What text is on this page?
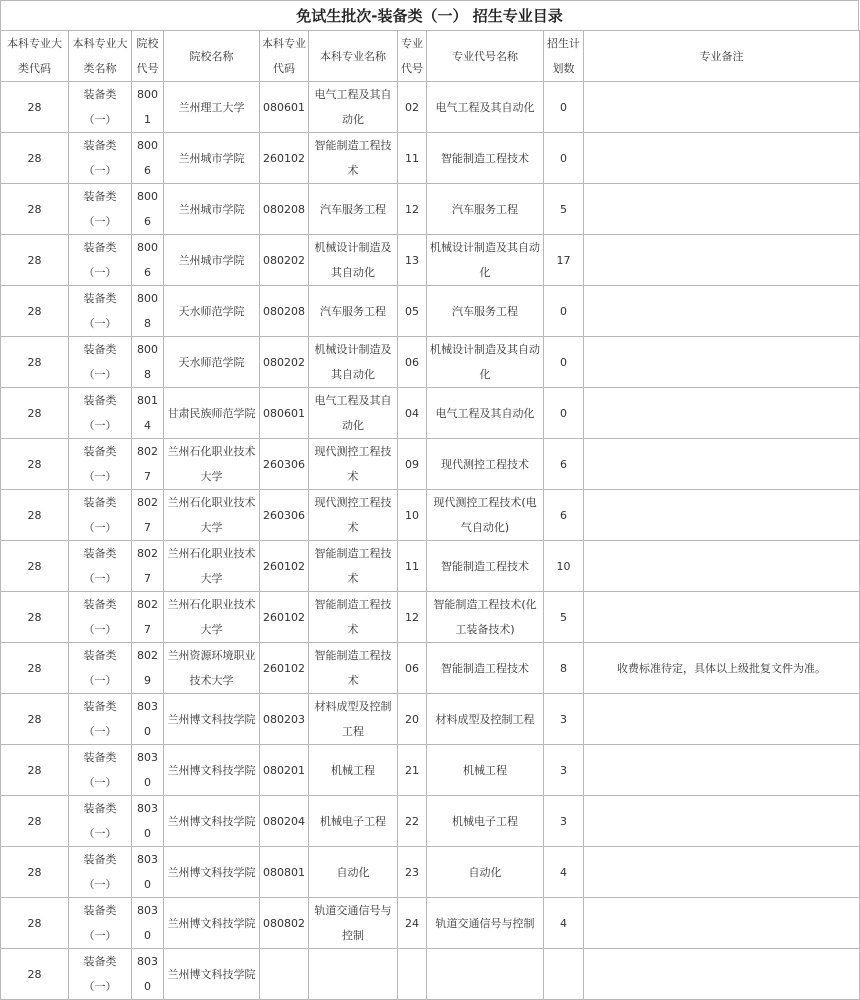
免试生批次-装备类（一） 招生专业目录
本科专业大类代码	本科专业大类名称	院校代号	院校名称	本科专业代码	本科专业名称	专业代号	专业代号名称	招生计划数	专业备注
28	装备类（一）	8001	兰州理工大学	080601	电气工程及其自动化	02	电气工程及其自动化	0	
28	装备类（一）	8006	兰州城市学院	260102	智能制造工程技术	11	智能制造工程技术	0	
28	装备类（一）	8006	兰州城市学院	080208	汽车服务工程	12	汽车服务工程	5	
28	装备类（一）	8006	兰州城市学院	080202	机械设计制造及其自动化	13	机械设计制造及其自动化	17	
28	装备类（一）	8008	天水师范学院	080208	汽车服务工程	05	汽车服务工程	0	
28	装备类（一）	8008	天水师范学院	080202	机械设计制造及其自动化	06	机械设计制造及其自动化	0	
28	装备类（一）	8014	甘肃民族师范学院	080601	电气工程及其自动化	04	电气工程及其自动化	0	
28	装备类（一）	8027	兰州石化职业技术大学	260306	现代测控工程技术	09	现代测控工程技术	6	
28	装备类（一）	8027	兰州石化职业技术大学	260306	现代测控工程技术	10	现代测控工程技术(电气自动化)	6	
28	装备类（一）	8027	兰州石化职业技术大学	260102	智能制造工程技术	11	智能制造工程技术	10	
28	装备类（一）	8027	兰州石化职业技术大学	260102	智能制造工程技术	12	智能制造工程技术(化工装备技术)	5	
28	装备类（一）	8029	兰州资源环境职业技术大学	260102	智能制造工程技术	06	智能制造工程技术	8	收费标准待定，具体以上级批复文件为准。
28	装备类（一）	8030	兰州博文科技学院	080203	材料成型及控制工程	20	材料成型及控制工程	3	
28	装备类（一）	8030	兰州博文科技学院	080201	机械工程	21	机械工程	3	
28	装备类（一）	8030	兰州博文科技学院	080204	机械电子工程	22	机械电子工程	3	
28	装备类（一）	8030	兰州博文科技学院	080801	自动化	23	自动化	4	
28	装备类（一）	8030	兰州博文科技学院	080802	轨道交通信号与控制	24	轨道交通信号与控制	4	
28	装备类（一）	8030	兰州博文科技学院						
